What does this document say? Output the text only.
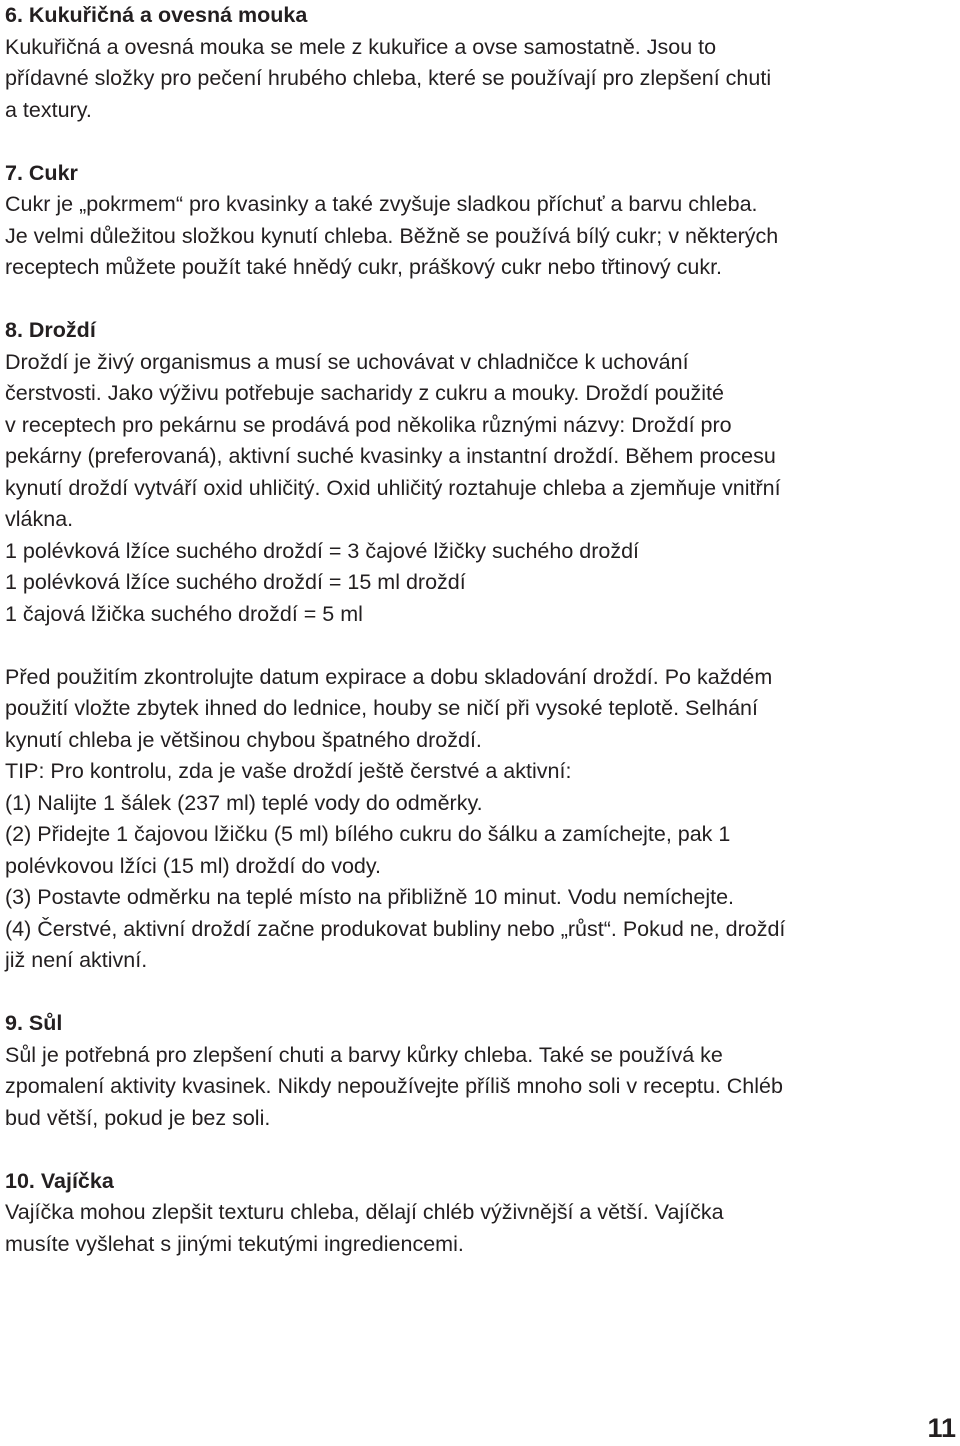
6. Kukuřičná a ovesná mouka

Kukuřičná a ovesná mouka se mele z kukuřice a ovse samostatně. Jsou to
přídavné složky pro pečení hrubého chleba, které se používají pro zlepšení chuti
a textury.

7. Cukr

Cukr je „pokrmem“ pro kvasinky a také zvyšuje sladkou příchuť a barvu chleba.
Je velmi důležitou složkou kynutí chleba. Běžně se používá bílý cukr; v některých
receptech můžete použít také hnědý cukr, práškový cukr nebo třtinový cukr.

8. Droždí

Droždí je živý organismus a musí se uchovávat v chladničce k uchování
čerstvosti. Jako výživu potřebuje sacharidy z cukru a mouky. Droždí použité
v receptech pro pekárnu se prodává pod několika různými názvy: Droždí pro
pekárny (preferovaná), aktivní suché kvasinky a instantní droždí. Během procesu
kynutí droždí vytváří oxid uhličitý. Oxid uhličitý roztahuje chleba a zjemňuje vnitřní
vlákna.
1 polévková lžíce suchého droždí = 3 čajové lžičky suchého droždí
1 polévková lžíce suchého droždí = 15 ml droždí
1 čajová lžička suchého droždí = 5 ml

Před použitím zkontrolujte datum expirace a dobu skladování droždí. Po každém
použití vložte zbytek ihned do lednice, houby se ničí při vysoké teplotě. Selhání
kynutí chleba je většinou chybou špatného droždí.
TIP: Pro kontrolu, zda je vaše droždí ještě čerstvé a aktivní:
(1) Nalijte 1 šálek (237 ml) teplé vody do odměrky.
(2) Přidejte 1 čajovou lžičku (5 ml) bílého cukru do šálku a zamíchejte, pak 1
polévkovou lžíci (15 ml) droždí do vody.
(3) Postavte odměrku na teplé místo na přibližně 10 minut. Vodu nemíchejte.
(4) Čerstvé, aktivní droždí začne produkovat bubliny nebo „růst“. Pokud ne, droždí
již není aktivní.

9. Sůl

Sůl je potřebná pro zlepšení chuti a barvy kůrky chleba. Také se používá ke
zpomalení aktivity kvasinek. Nikdy nepoužívejte příliš mnoho soli v receptu. Chléb
bud větší, pokud je bez soli.

10. Vajíčka

Vajíčka mohou zlepšit texturu chleba, dělají chléb výživnější a větší. Vajíčka
musíte vyšlehat s jinými tekutými ingrediencemi.

11
